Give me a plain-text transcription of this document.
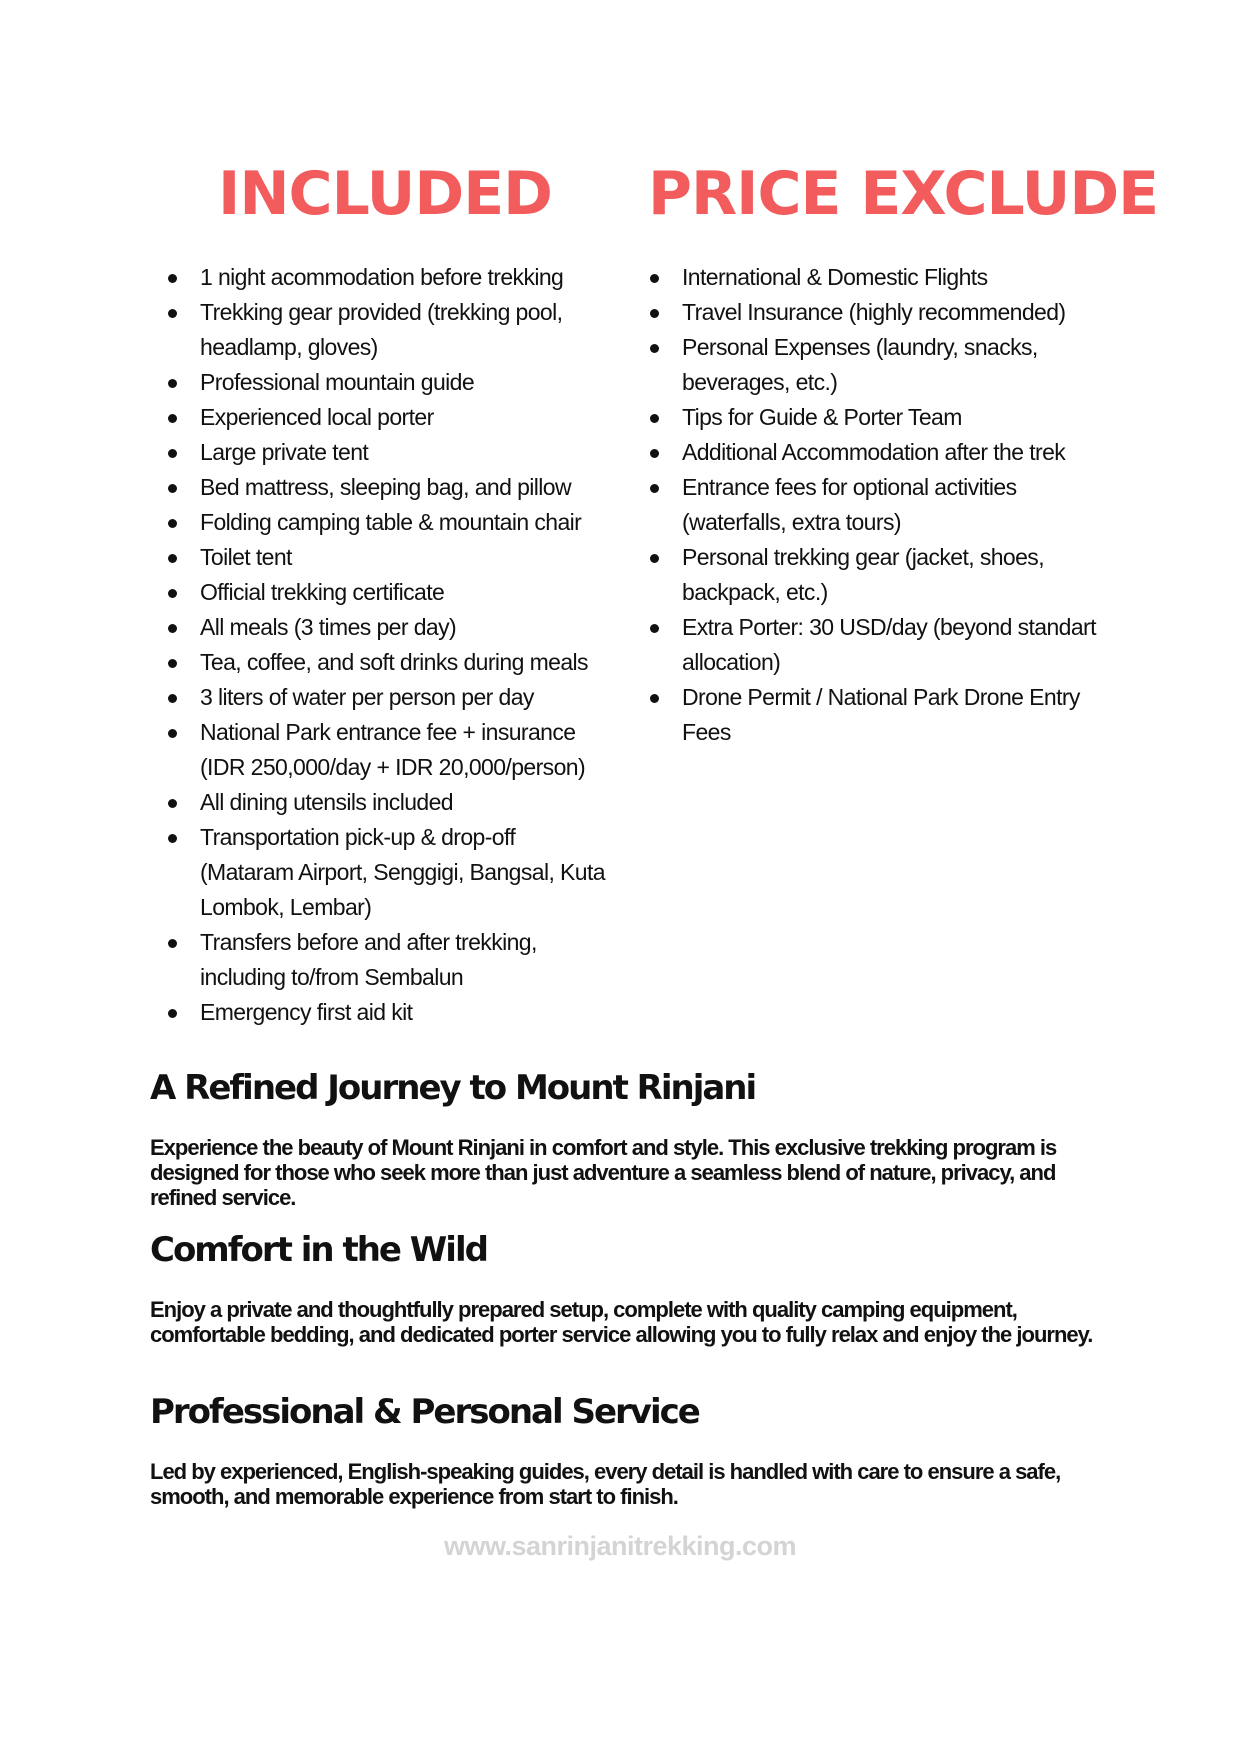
INCLUDED PRICE EXCLUDE
1 night acommodation before trekking
Trekking gear provided (trekking pool, headlamp, gloves)
Professional mountain guide
Experienced local porter
Large private tent
Bed mattress, sleeping bag, and pillow
Folding camping table & mountain chair
Toilet tent
Official trekking certificate
All meals (3 times per day)
Tea, coffee, and soft drinks during meals
3 liters of water per person per day
National Park entrance fee + insurance (IDR 250,000/day + IDR 20,000/person)
All dining utensils included
Transportation pick-up & drop-off (Mataram Airport, Senggigi, Bangsal, Kuta Lombok, Lembar)
Transfers before and after trekking, including to/from Sembalun
Emergency first aid kit
International & Domestic Flights
Travel Insurance (highly recommended)
Personal Expenses (laundry, snacks, beverages, etc.)
Tips for Guide & Porter Team
Additional Accommodation after the trek
Entrance fees for optional activities (waterfalls, extra tours)
Personal trekking gear (jacket, shoes, backpack, etc.)
Extra Porter: 30 USD/day (beyond standart allocation)
Drone Permit / National Park Drone Entry Fees
A Refined Journey to Mount Rinjani

Experience the beauty of Mount Rinjani in comfort and style. This exclusive trekking program is designed for those who seek more than just adventure a seamless blend of nature, privacy, and refined service.

Comfort in the Wild

Enjoy a private and thoughtfully prepared setup, complete with quality camping equipment, comfortable bedding, and dedicated porter service allowing you to fully relax and enjoy the journey.

Professional & Personal Service

Led by experienced, English-speaking guides, every detail is handled with care to ensure a safe, smooth, and memorable experience from start to finish.

www.sanrinjanitrekking.com
